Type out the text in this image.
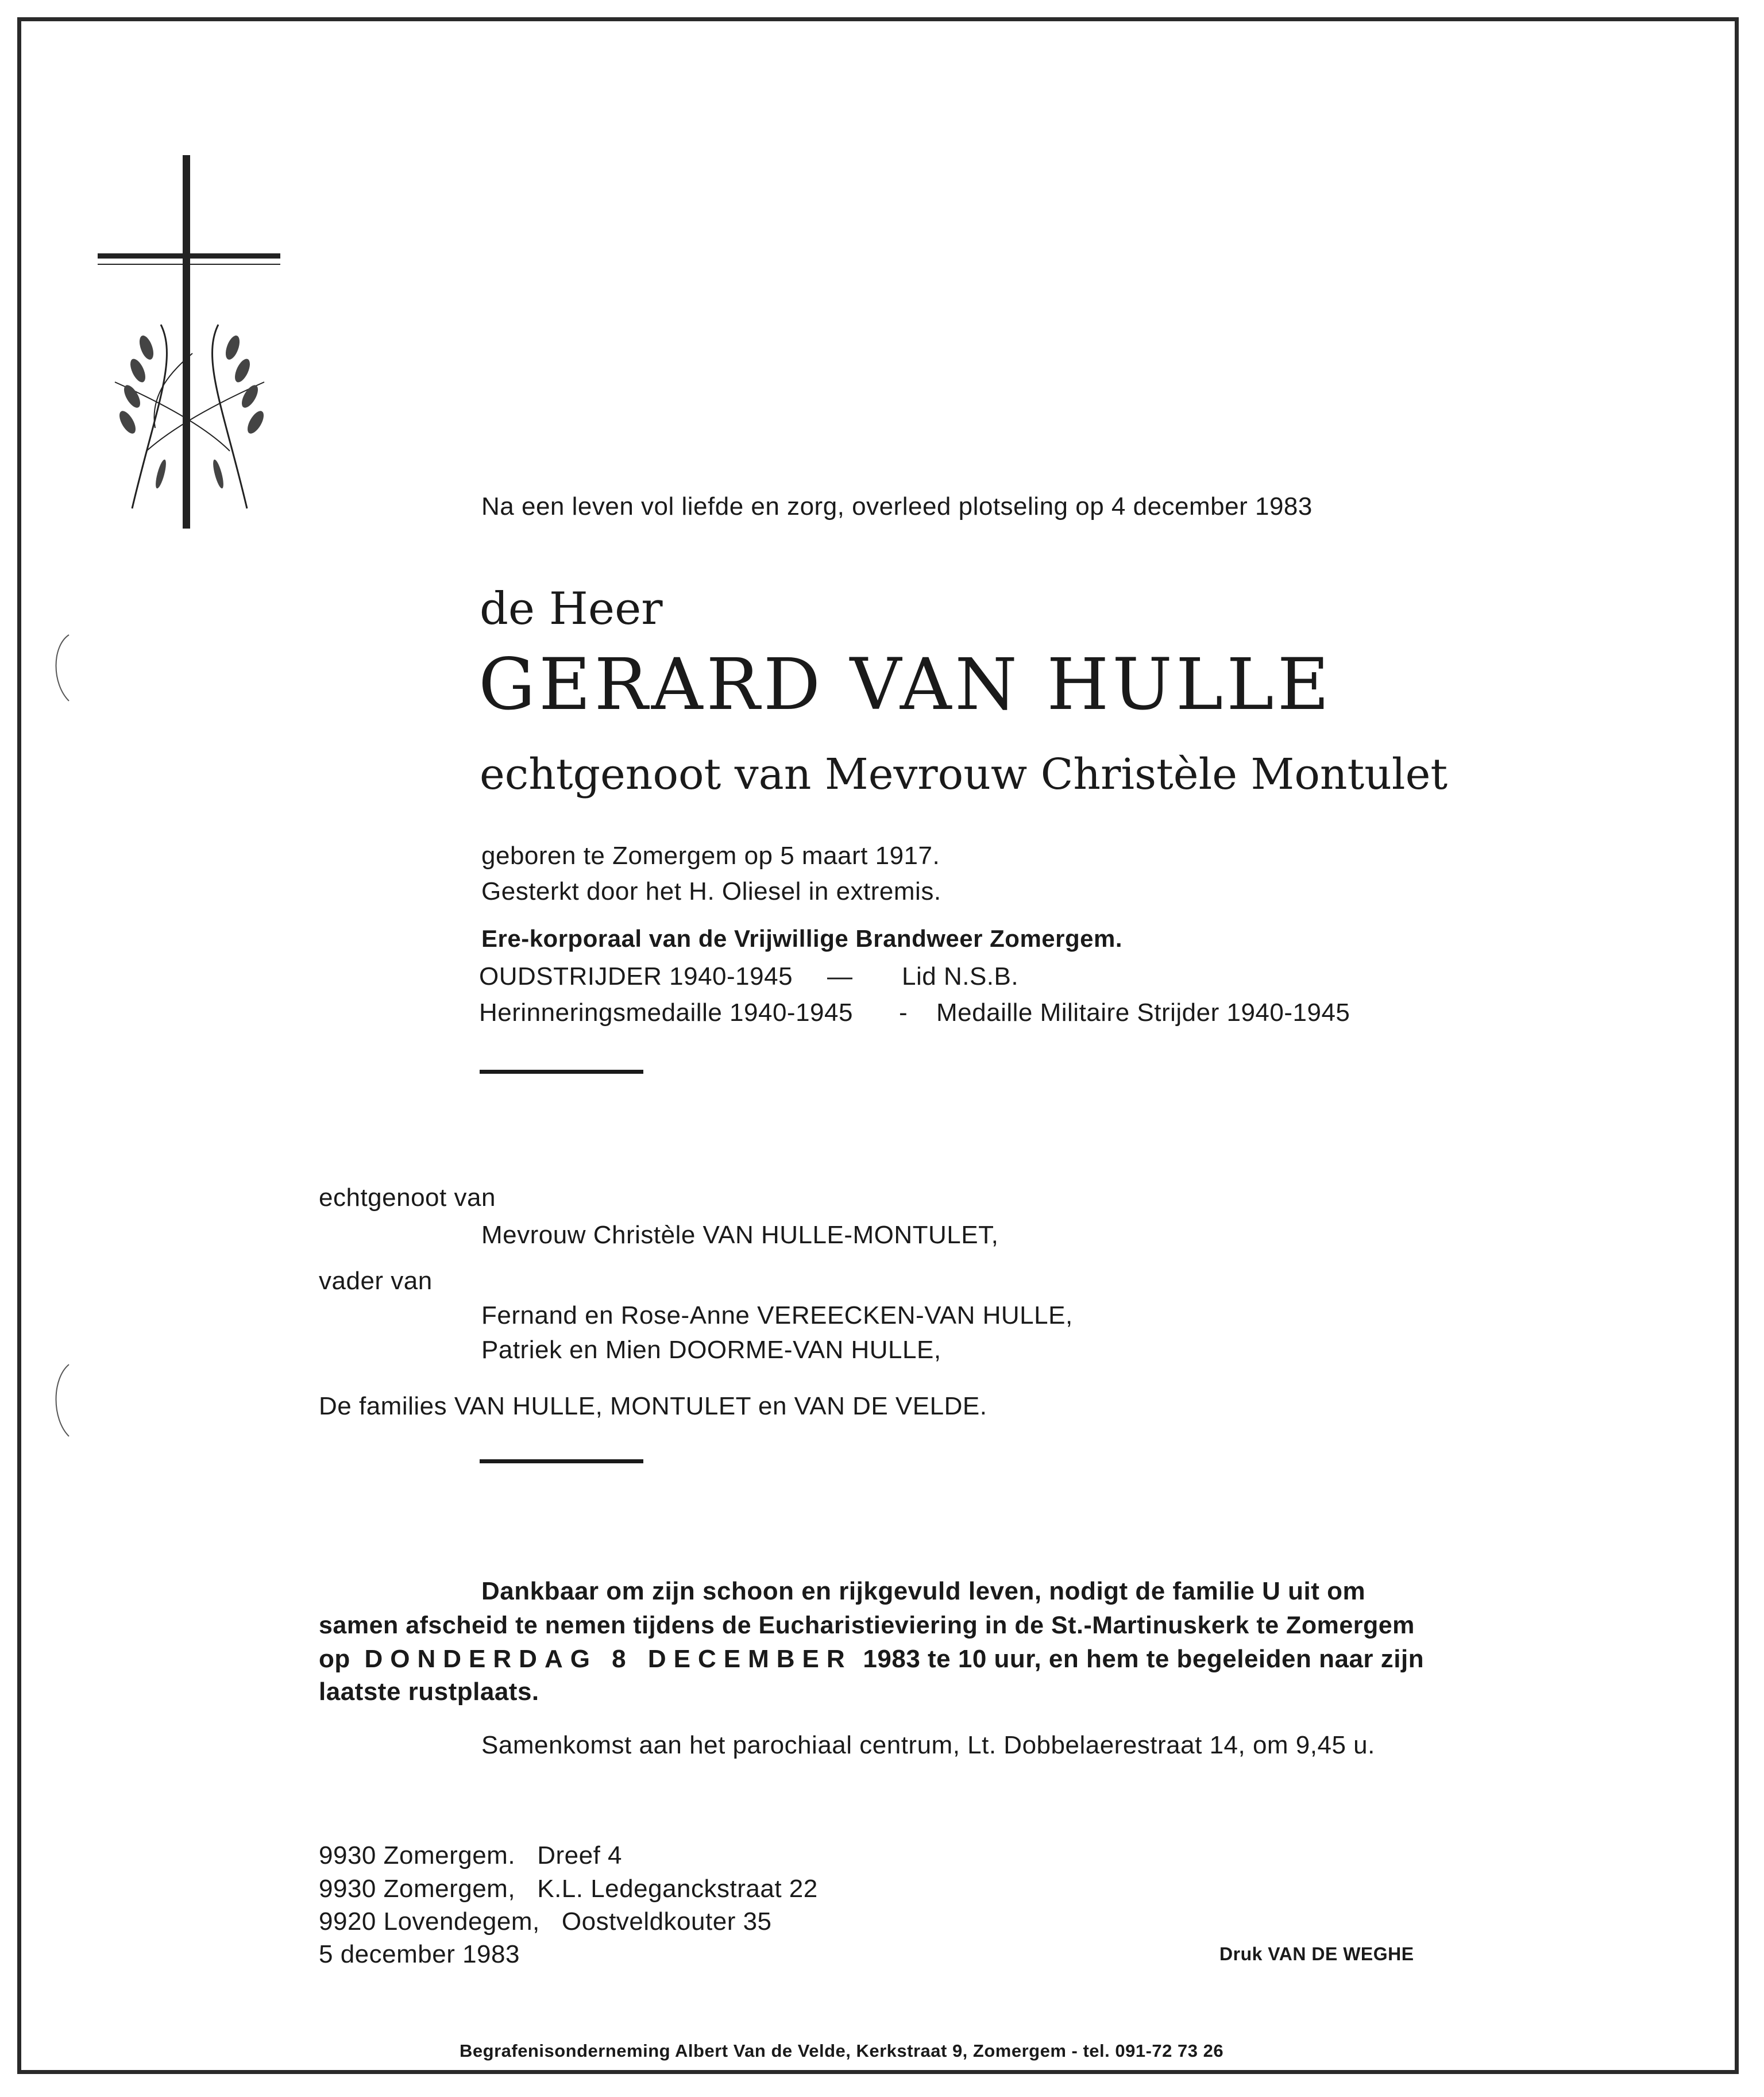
Na een leven vol liefde en zorg, overleed plotseling op 4 december 1983
de Heer
GERARD VAN HULLE
echtgenoot van Mevrouw Christèle Montulet
geboren te Zomergem op 5 maart 1917.
Gesterkt door het H. Oliesel in extremis.
Ere-korporaal van de Vrijwillige Brandweer Zomergem.
OUDSTRIJDER 1940-1945 — Lid N.S.B.
Herinneringsmedaille 1940-1945 - Medaille Militaire Strijder 1940-1945
echtgenoot van
Mevrouw Christèle VAN HULLE-MONTULET,
vader van
Fernand en Rose-Anne VEREECKEN-VAN HULLE,
Patriek en Mien DOORME-VAN HULLE,
De families VAN HULLE, MONTULET en VAN DE VELDE.
Dankbaar om zijn schoon en rijkgevuld leven, nodigt de familie U uit om
samen afscheid te nemen tijdens de Eucharistieviering in de St.-Martinuskerk te Zomergem
op DONDERDAG 8 DECEMBER 1983 te 10 uur, en hem te begeleiden naar zijn
laatste rustplaats.
Samenkomst aan het parochiaal centrum, Lt. Dobbelaerestraat 14, om 9,45 u.
9930 Zomergem.   Dreef 4
9930 Zomergem,   K.L. Ledeganckstraat 22
9920 Lovendegem,   Oostveldkouter 35
5 december 1983	Druk VAN DE WEGHE
Begrafenisonderneming Albert Van de Velde, Kerkstraat 9, Zomergem - tel. 091-72 73 26
